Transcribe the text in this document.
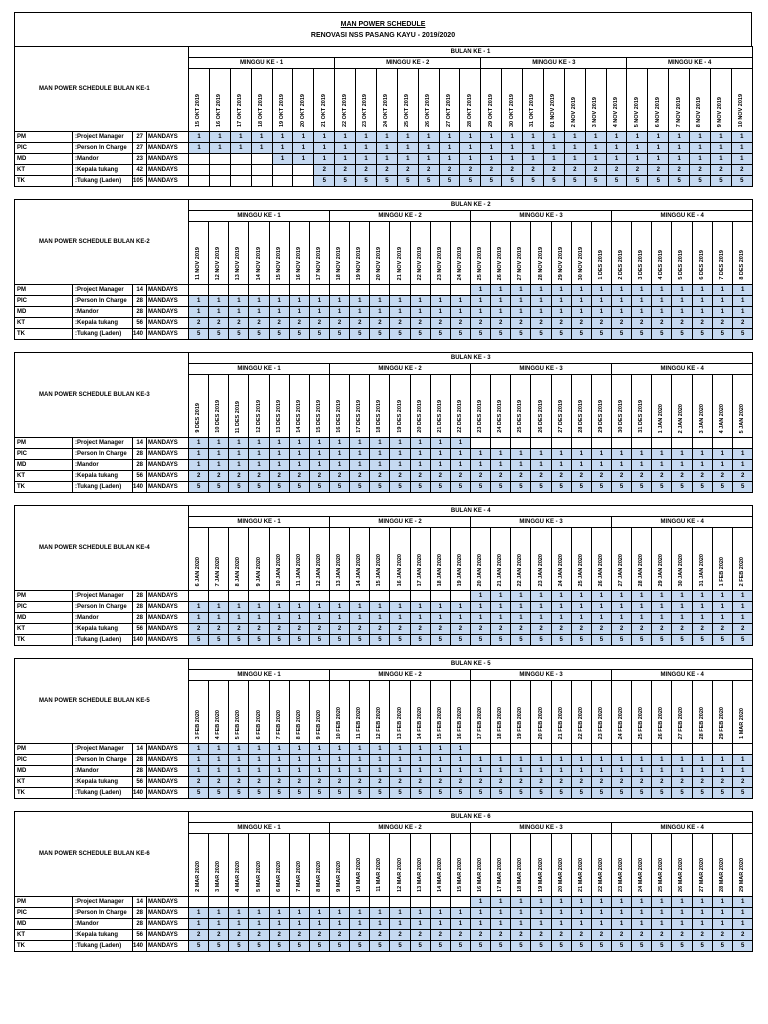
MAN POWER SCHEDULE
RENOVASI NSS PASANG KAYU - 2019/2020
MAN POWER SCHEDULE BULAN KE-1				BULAN KE - 1																										
				MINGGU KE - 1							MINGGU KE - 2							MINGGU KE - 3							MINGGU KE - 4					
				15 OKT 2019	16 OKT 2019	17 OKT 2019	18 OKT 2019	19 OKT 2019	20 OKT 2019	21 OKT 2019	22 OKT 2019	23 OKT 2019	24 OKT 2019	25 OKT 2019	26 OKT 2019	27 OKT 2019	28 OKT 2019	29 OKT 2019	30 OKT 2019	31 OKT 2019	01 NOV 2019	2 NOV 2019	3 NOV 2019	4 NOV 2019	5 NOV 2019	6 NOV 2019	7 NOV 2019	8 NOV 2019	9 NOV 2019	10 NOV 2019
PM	:Project Manager	27	MANDAYS	1	1	1	1	1	1	1	1	1	1	1	1	1	1	1	1	1	1	1	1	1	1	1	1	1	1	1
PIC	:Person In Charge	27	MANDAYS	1	1	1	1	1	1	1	1	1	1	1	1	1	1	1	1	1	1	1	1	1	1	1	1	1	1	1
MD	:Mandor	23	MANDAYS					1	1	1	1	1	1	1	1	1	1	1	1	1	1	1	1	1	1	1	1	1	1	1
KT	:Kepala tukang	42	MANDAYS							2	2	2	2	2	2	2	2	2	2	2	2	2	2	2	2	2	2	2	2	2
TK	:Tukang (Laden)	105	MANDAYS							5	5	5	5	5	5	5	5	5	5	5	5	5	5	5	5	5	5	5	5	5
MAN POWER SCHEDULE BULAN KE-2				BULAN KE - 2																											
				MINGGU KE - 1							MINGGU KE - 2							MINGGU KE - 3							MINGGU KE - 4						
				11 NOV 2019	12 NOV 2019	13 NOV 2019	14 NOV 2019	15 NOV 2019	16 NOV 2019	17 NOV 2019	18 NOV 2019	19 NOV 2019	20 NOV 2019	21 NOV 2019	22 NOV 2019	23 NOV 2019	24 NOV 2019	25 NOV 2019	26 NOV 2019	27 NOV 2019	28 NOV 2019	29 NOV 2019	30 NOV 2019	1 DES 2019	2 DES 2019	3 DES 2019	4 DES 2019	5 DES 2019	6 DES 2019	7 DES 2019	8 DES 2019
PM	:Project Manager	14	MANDAYS															1	1	1	1	1	1	1	1	1	1	1	1	1	1
PIC	:Person In Charge	28	MANDAYS	1	1	1	1	1	1	1	1	1	1	1	1	1	1	1	1	1	1	1	1	1	1	1	1	1	1	1	1
MD	:Mandor	28	MANDAYS	1	1	1	1	1	1	1	1	1	1	1	1	1	1	1	1	1	1	1	1	1	1	1	1	1	1	1	1
KT	:Kepala tukang	56	MANDAYS	2	2	2	2	2	2	2	2	2	2	2	2	2	2	2	2	2	2	2	2	2	2	2	2	2	2	2	2
TK	:Tukang (Laden)	140	MANDAYS	5	5	5	5	5	5	5	5	5	5	5	5	5	5	5	5	5	5	5	5	5	5	5	5	5	5	5	5
MAN POWER SCHEDULE BULAN KE-3				BULAN KE - 3																											
				MINGGU KE - 1							MINGGU KE - 2							MINGGU KE - 3							MINGGU KE - 4						
				9 DES 2019	10 DES 2019	11 DES 2019	12 DES 2019	13 DES 2019	14 DES 2019	15 DES 2019	16 DES 2019	17 DES 2019	18 DES 2019	19 DES 2019	20 DES 2019	21 DES 2019	22 DES 2019	23 DES 2019	24 DES 2019	25 DES 2019	26 DES 2019	27 DES 2019	28 DES 2019	29 DES 2019	30 DES 2019	31 DES 2019	1 JAN 2020	2 JAN 2020	3 JAN 2020	4 JAN 2020	5 JAN 2020
PM	:Project Manager	14	MANDAYS	1	1	1	1	1	1	1	1	1	1	1	1	1	1														
PIC	:Person In Charge	28	MANDAYS	1	1	1	1	1	1	1	1	1	1	1	1	1	1	1	1	1	1	1	1	1	1	1	1	1	1	1	1
MD	:Mandor	28	MANDAYS	1	1	1	1	1	1	1	1	1	1	1	1	1	1	1	1	1	1	1	1	1	1	1	1	1	1	1	1
KT	:Kepala tukang	56	MANDAYS	2	2	2	2	2	2	2	2	2	2	2	2	2	2	2	2	2	2	2	2	2	2	2	2	2	2	2	2
TK	:Tukang (Laden)	140	MANDAYS	5	5	5	5	5	5	5	5	5	5	5	5	5	5	5	5	5	5	5	5	5	5	5	5	5	5	5	5
MAN POWER SCHEDULE BULAN KE-4				BULAN KE - 4																											
				MINGGU KE - 1							MINGGU KE - 2							MINGGU KE - 3							MINGGU KE - 4						
				6 JAN 2020	7 JAN 2020	8 JAN 2020	9 JAN 2020	10 JAN 2020	11 JAN 2020	12 JAN 2020	13 JAN 2020	14 JAN 2020	15 JAN 2020	16 JAN 2020	17 JAN 2020	18 JAN 2020	19 JAN 2020	20 JAN 2020	21 JAN 2020	22 JAN 2020	23 JAN 2020	24 JAN 2020	25 JAN 2020	26 JAN 2020	27 JAN 2020	28 JAN 2020	29 JAN 2020	30 JAN 2020	31 JAN 2020	1 FEB 2020	2 FEB 2020
PM	:Project Manager	28	MANDAYS															1	1	1	1	1	1	1	1	1	1	1	1	1	1
PIC	:Person In Charge	28	MANDAYS	1	1	1	1	1	1	1	1	1	1	1	1	1	1	1	1	1	1	1	1	1	1	1	1	1	1	1	1
MD	:Mandor	28	MANDAYS	1	1	1	1	1	1	1	1	1	1	1	1	1	1	1	1	1	1	1	1	1	1	1	1	1	1	1	1
KT	:Kepala tukang	56	MANDAYS	2	2	2	2	2	2	2	2	2	2	2	2	2	2	2	2	2	2	2	2	2	2	2	2	2	2	2	2
TK	:Tukang (Laden)	140	MANDAYS	5	5	5	5	5	5	5	5	5	5	5	5	5	5	5	5	5	5	5	5	5	5	5	5	5	5	5	5
MAN POWER SCHEDULE BULAN KE-5				BULAN KE - 5																											
				MINGGU KE - 1							MINGGU KE - 2							MINGGU KE - 3							MINGGU KE - 4						
				3 FEB 2020	4 FEB 2020	5 FEB 2020	6 FEB 2020	7 FEB 2020	8 FEB 2020	9 FEB 2020	10 FEB 2020	11 FEB 2020	12 FEB 2020	13 FEB 2020	14 FEB 2020	15 FEB 2020	16 FEB 2020	17 FEB 2020	18 FEB 2020	19 FEB 2020	20 FEB 2020	21 FEB 2020	22 FEB 2020	23 FEB 2020	24 FEB 2020	25 FEB 2020	26 FEB 2020	27 FEB 2020	28 FEB 2020	29 FEB 2020	1 MAR 2020
PM	:Project Manager	14	MANDAYS	1	1	1	1	1	1	1	1	1	1	1	1	1	1														
PIC	:Person In Charge	28	MANDAYS	1	1	1	1	1	1	1	1	1	1	1	1	1	1	1	1	1	1	1	1	1	1	1	1	1	1	1	1
MD	:Mandor	28	MANDAYS	1	1	1	1	1	1	1	1	1	1	1	1	1	1	1	1	1	1	1	1	1	1	1	1	1	1	1	1
KT	:Kepala tukang	56	MANDAYS	2	2	2	2	2	2	2	2	2	2	2	2	2	2	2	2	2	2	2	2	2	2	2	2	2	2	2	2
TK	:Tukang (Laden)	140	MANDAYS	5	5	5	5	5	5	5	5	5	5	5	5	5	5	5	5	5	5	5	5	5	5	5	5	5	5	5	5
MAN POWER SCHEDULE BULAN KE-6				BULAN KE - 6																											
				MINGGU KE - 1							MINGGU KE - 2							MINGGU KE - 3							MINGGU KE - 4						
				2 MAR 2020	3 MAR 2020	4 MAR 2020	5 MAR 2020	6 MAR 2020	7 MAR 2020	8 MAR 2020	9 MAR 2020	10 MAR 2020	11 MAR 2020	12 MAR 2020	13 MAR 2020	14 MAR 2020	15 MAR 2020	16 MAR 2020	17 MAR 2020	18 MAR 2020	19 MAR 2020	20 MAR 2020	21 MAR 2020	22 MAR 2020	23 MAR 2020	24 MAR 2020	25 MAR 2020	26 MAR 2020	27 MAR 2020	28 MAR 2020	29 MAR 2020
PM	:Project Manager	14	MANDAYS															1	1	1	1	1	1	1	1	1	1	1	1	1	1
PIC	:Person In Charge	28	MANDAYS	1	1	1	1	1	1	1	1	1	1	1	1	1	1	1	1	1	1	1	1	1	1	1	1	1	1	1	1
MD	:Mandor	28	MANDAYS	1	1	1	1	1	1	1	1	1	1	1	1	1	1	1	1	1	1	1	1	1	1	1	1	1	1	1	1
KT	:Kepala tukang	56	MANDAYS	2	2	2	2	2	2	2	2	2	2	2	2	2	2	2	2	2	2	2	2	2	2	2	2	2	2	2	2
TK	:Tukang (Laden)	140	MANDAYS	5	5	5	5	5	5	5	5	5	5	5	5	5	5	5	5	5	5	5	5	5	5	5	5	5	5	5	5
